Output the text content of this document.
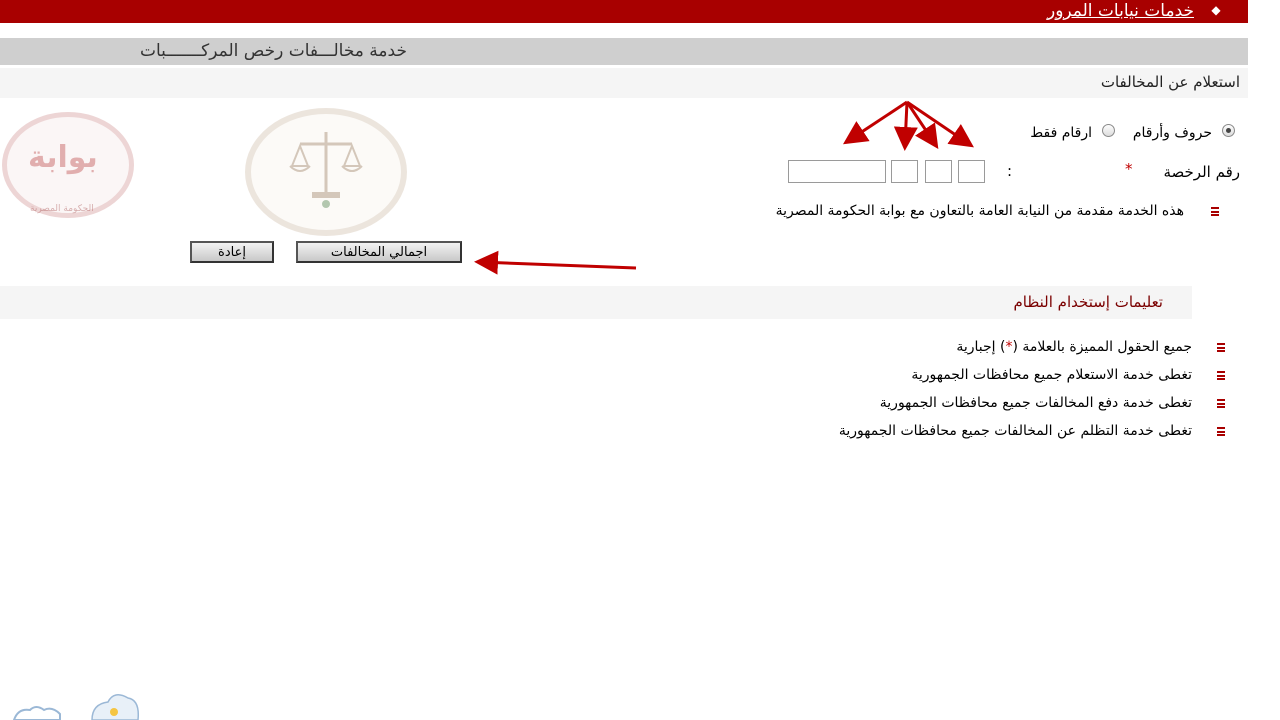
خدمات نيابات المرور ◆
خدمة مخالـــفات رخص المركـــــــبات
استعلام عن المخالفات
بوابة
الحكومة المصرية
حروف وأرقام
ارقام فقط
رقم الرخصة
*
:
هذه الخدمة مقدمة من النيابة العامة بالتعاون مع بوابة الحكومة المصرية
اجمالي المخالفات
إعادة
تعليمات إستخدام النظام
جميع الحقول المميزة بالعلامة (*) إجبارية
تغطى خدمة الاستعلام جميع محافظات الجمهورية
تغطى خدمة دفع المخالفات جميع محافظات الجمهورية
تغطى خدمة التظلم عن المخالفات جميع محافظات الجمهورية
